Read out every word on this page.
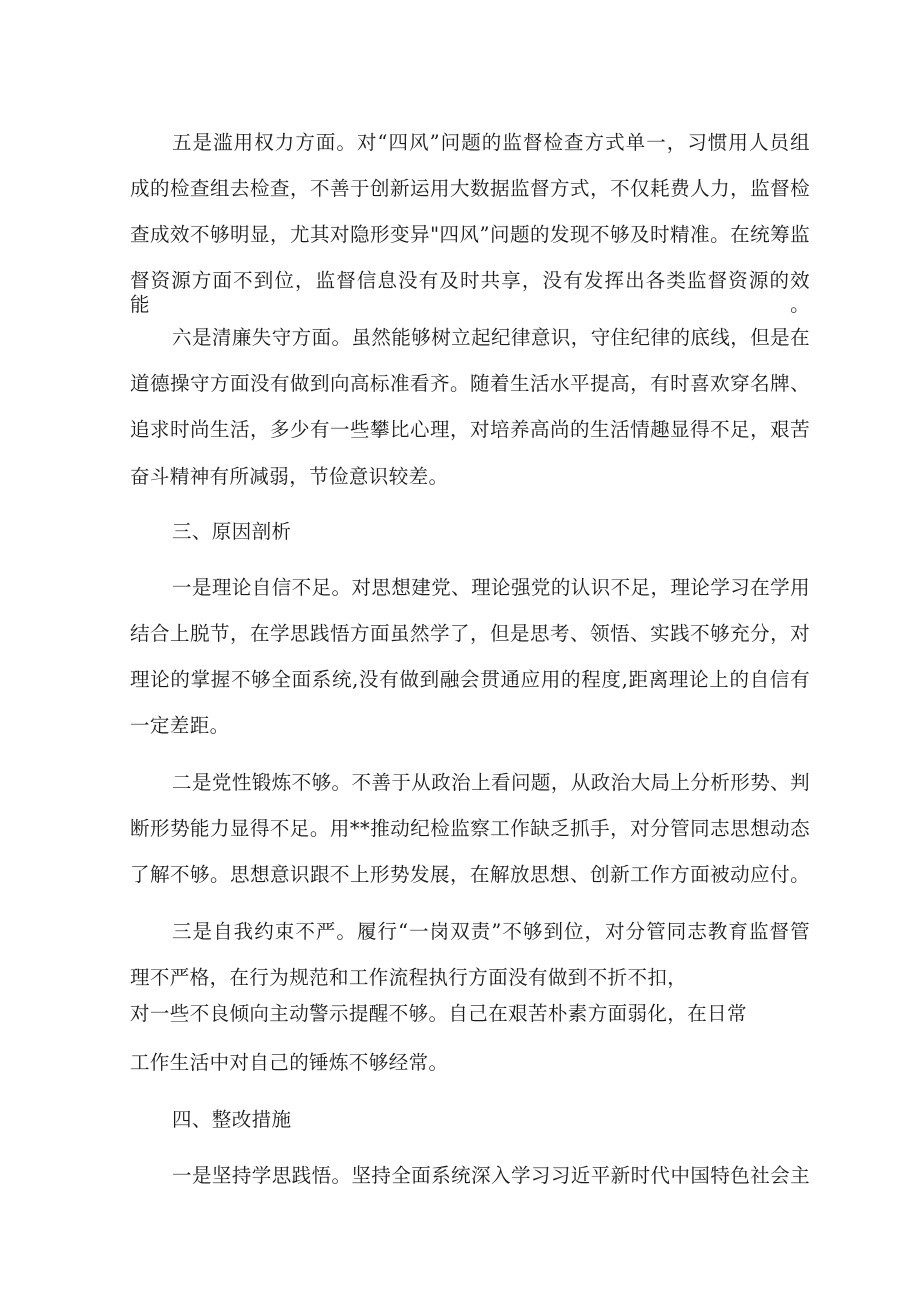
五是滥用权力方面。对“四风”问题的监督检查方式单一，习惯用人员组
成的检查组去检查，不善于创新运用大数据监督方式，不仅耗费人力，监督检
查成效不够明显，尤其对隐形变异"四风”问题的发现不够及时精准。在统筹监
督资源方面不到位，监督信息没有及时共享，没有发挥出各类监督资源的效能。
六是清廉失守方面。虽然能够树立起纪律意识，守住纪律的底线，但是在
道德操守方面没有做到向高标准看齐。随着生活水平提高，有时喜欢穿名牌、
追求时尚生活，多少有一些攀比心理，对培养高尚的生活情趣显得不足，艰苦
奋斗精神有所减弱，节俭意识较差。
三、原因剖析
一是理论自信不足。对思想建党、理论强党的认识不足，理论学习在学用
结合上脱节，在学思践悟方面虽然学了，但是思考、领悟、实践不够充分，对
理论的掌握不够全面系统,没有做到融会贯通应用的程度,距离理论上的自信有
一定差距。
二是党性锻炼不够。不善于从政治上看问题，从政治大局上分析形势、判
断形势能力显得不足。用**推动纪检监察工作缺乏抓手，对分管同志思想动态
了解不够。思想意识跟不上形势发展，在解放思想、创新工作方面被动应付。
三是自我约束不严。履行“一岗双责”不够到位，对分管同志教育监督管
理不严格，在行为规范和工作流程执行方面没有做到不折不扣，
对一些不良倾向主动警示提醒不够。自己在艰苦朴素方面弱化，在日常
工作生活中对自己的锤炼不够经常。
四、整改措施
一是坚持学思践悟。坚持全面系统深入学习习近平新时代中国特色社会主
